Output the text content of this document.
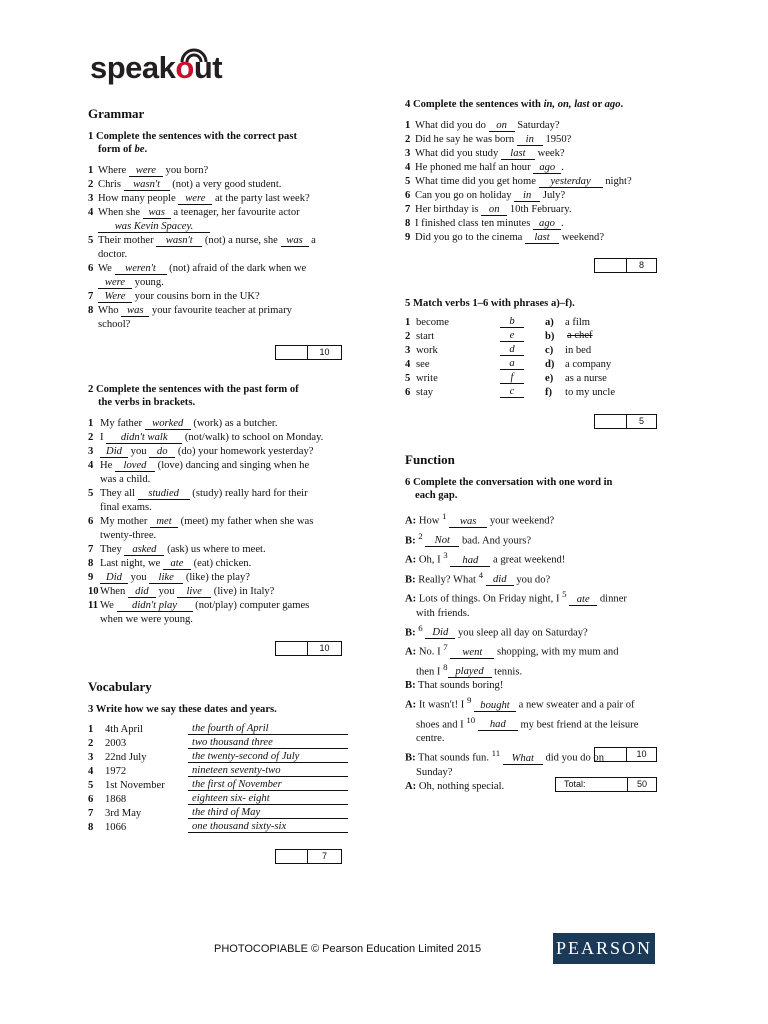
speakout
Grammar
1 Complete the sentences with the correct past
form of be.
1 Where were you born?
2 Chris wasn't (not) a very good student.
3 How many people were at the party last week?
4 When she was a teenager, her favourite actor
was Kevin Spacey.
5 Their mother wasn't (not) a nurse, she was a
doctor.
6 We weren't (not) afraid of the dark when we
were young.
7 Were your cousins born in the UK?
8 Who was your favourite teacher at primary
school?
10
2 Complete the sentences with the past form of
the verbs in brackets.
1 My father worked (work) as a butcher.
2 I didn't walk (not/walk) to school on Monday.
3 Did you do (do) your homework yesterday?
4 He loved (love) dancing and singing when he
was a child.
5 They all studied (study) really hard for their
final exams.
6 My mother met (meet) my father when she was
twenty-three.
7 They asked (ask) us where to meet.
8 Last night, we ate (eat) chicken.
9 Did you like (like) the play?
10When did you live (live) in Italy?
11 We didn't play (not/play) computer games
when we were young.
10
Vocabulary
3 Write how we say these dates and years.
1 4th April	the fourth of April
2 2003	two thousand three
3 22nd July	the twenty-second of July
4 1972	nineteen seventy-two
5 1st November	the first of November
6 1868	eighteen six- eight
7 3rd May	the third of May
8 1066	one thousand sixty-six
7
4 Complete the sentences with in, on, last or ago.
1 What did you do on Saturday?
2 Did he say he was born in 1950?
3 What did you study last week?
4 He phoned me half an hour ago .
5 What time did you get home yesterday night?
6 Can you go on holiday in July?
7 Her birthday is on 10th February.
8 I finished class ten minutes ago .
9 Did you go to the cinema last weekend?
8
5 Match verbs 1–6 with phrases a)–f).
1 become	b	a) a film
2 start	e	b) a chef
3 work	d	c) in bed
4 see	a	d) a company
5 write	f	e) as a nurse
6 stay	c	f) to my uncle
5
Function
6 Complete the conversation with one word in
each gap.
A: How $^1$ was your weekend?
B: $^2$ Not bad. And yours?
A: Oh, I $^3$ had a great weekend!
B: Really? What $^4$ did you do?
A: Lots of things. On Friday night, I $^5$ ate dinner
with friends.
B: $^6$ Did you sleep all day on Saturday?
A: No. I $^7$ went shopping, with my mum and
then I $^8$ played tennis.
B: That sounds boring!
A: It wasn't! I $^9$ bought a new sweater and a pair of
shoes and I $^{10}$ had my best friend at the leisure
centre.
B: That sounds fun. $^{11}$ What did you do on
Sunday?
A: Oh, nothing special.
10
Total:	50
PHOTOCOPIABLE © Pearson Education Limited 2015	PEARSON
